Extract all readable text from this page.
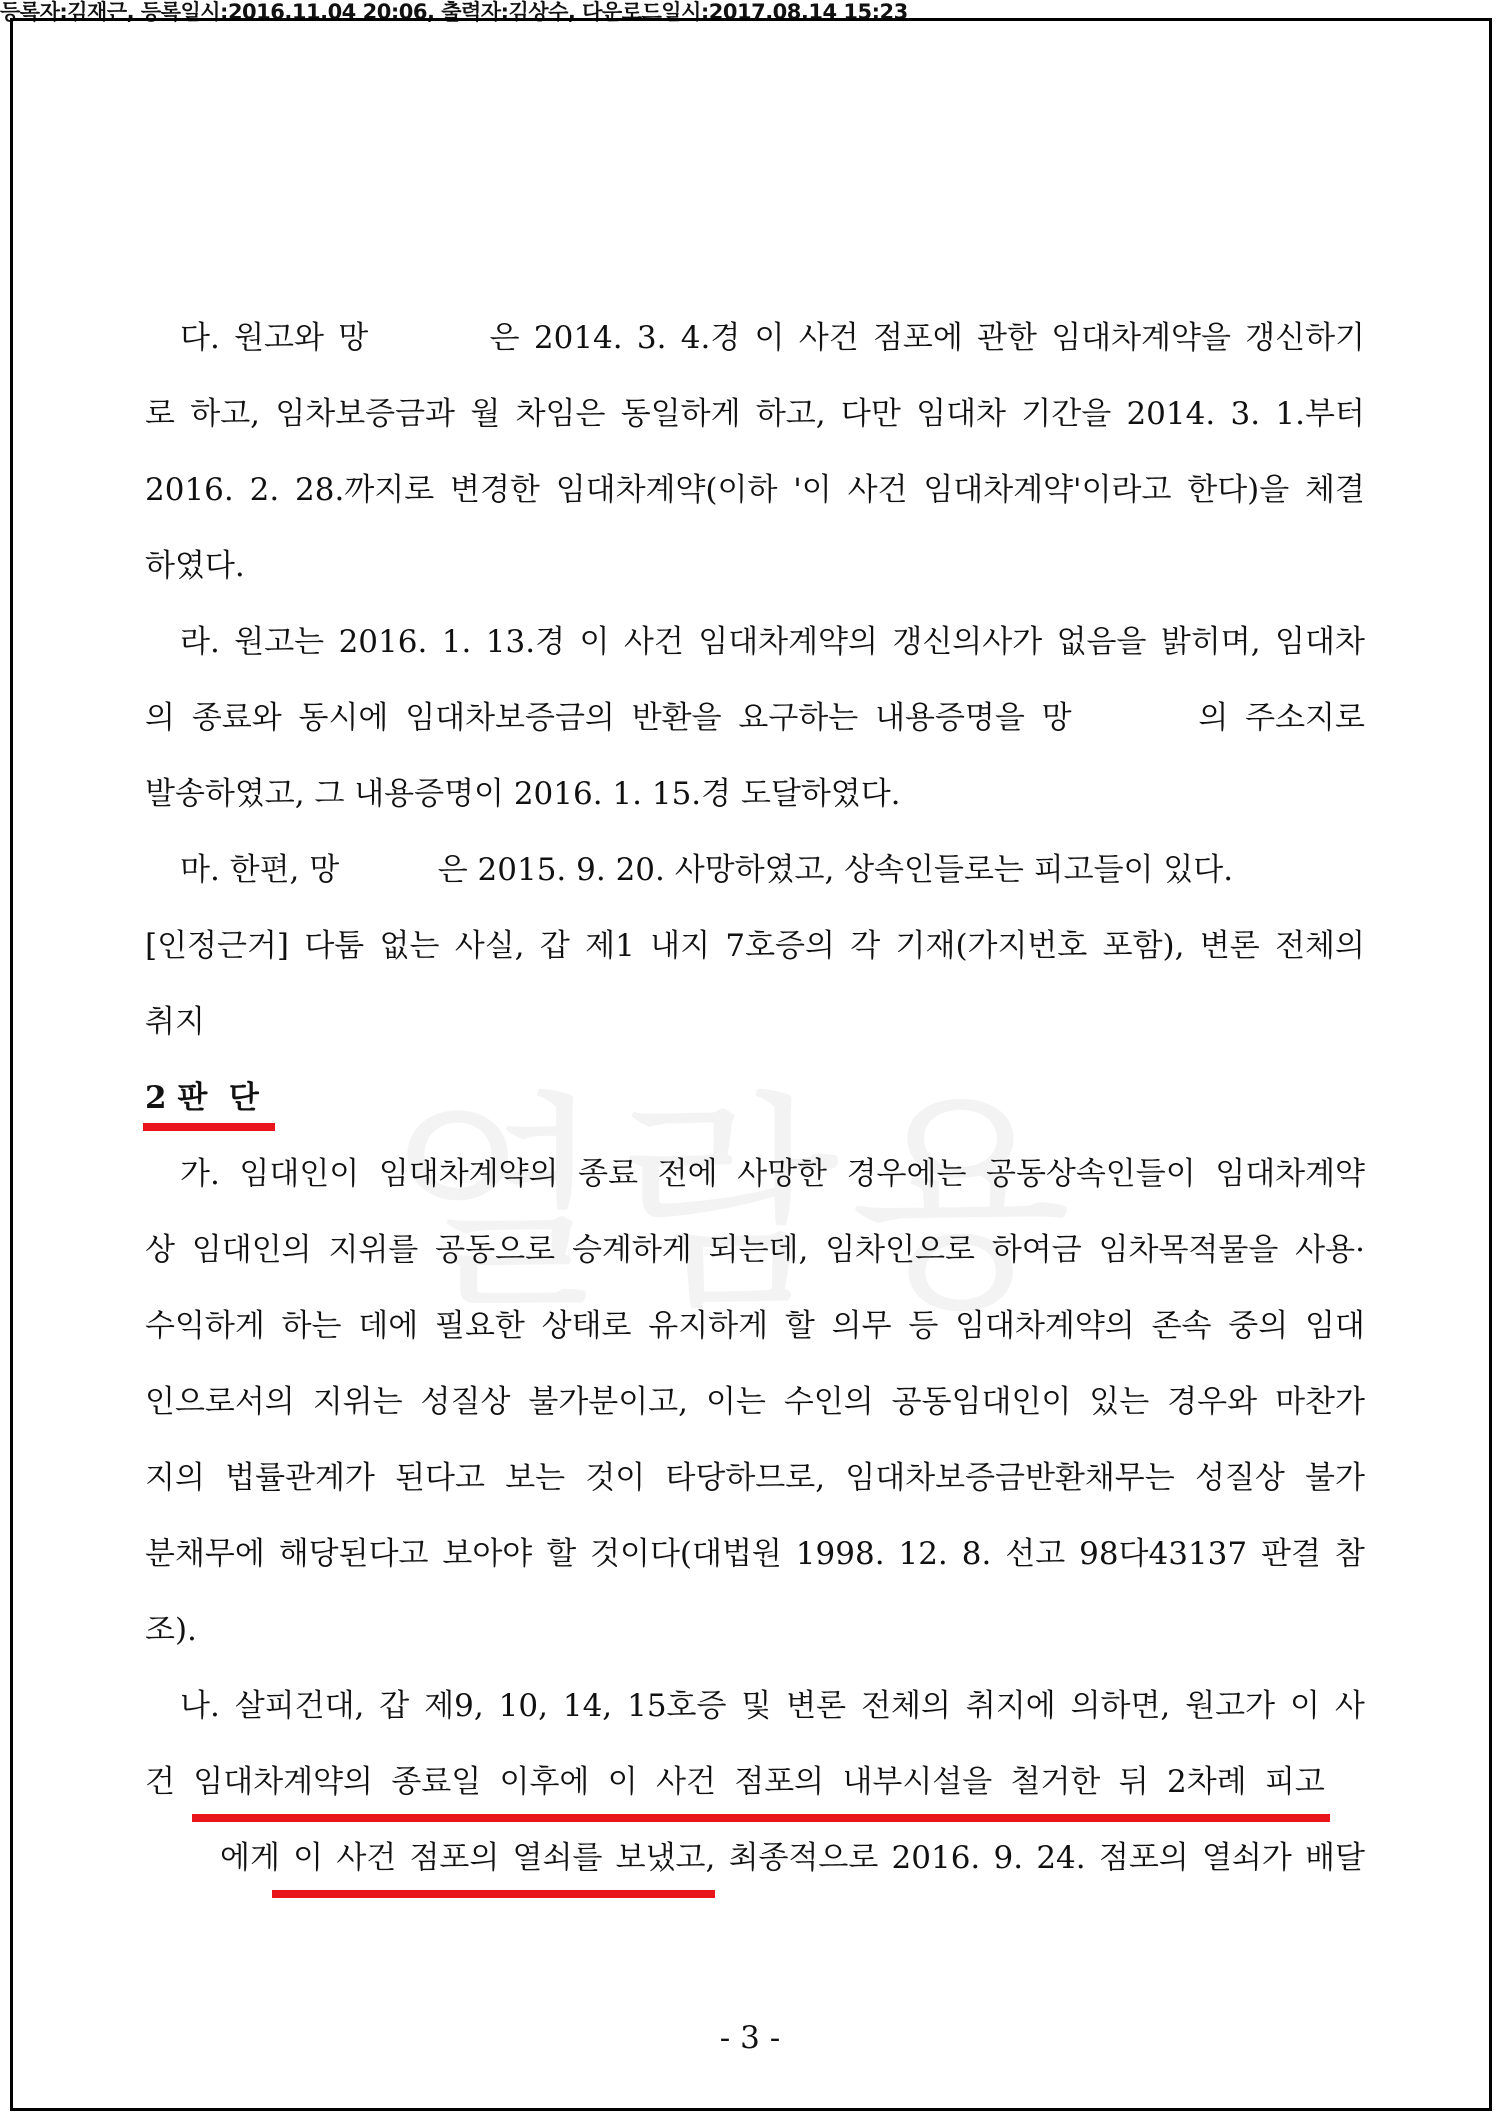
등록자:김재근, 등록일시:2016.11.04 20:06, 출력자:김상수, 다운로드일시:2017.08.14 15:23
다. 원고와 망
　　　	은 2014. 3. 4.경 이 사건 점포에 관한 임대차계약을 갱신하기
로 하고, 임차보증금과 월 차임은 동일하게 하고, 다만 임대차 기간을 2014. 3. 1.부터
2016. 2. 28.까지로 변경한 임대차계약(이하 '이 사건 임대차계약'이라고 한다)을 체결
하였다.
라. 원고는 2016. 1. 13.경 이 사건 임대차계약의 갱신의사가 없음을 밝히며, 임대차
의 종료와 동시에 임대차보증금의 반환을 요구하는 내용증명을 망
　　　	의 주소지로
발송하였고, 그 내용증명이 2016. 1. 15.경 도달하였다.
마. 한편, 망          은 2015. 9. 20. 사망하였고, 상속인들로는 피고들이 있다.
[인정근거] 다툼 없는 사실, 갑 제1 내지 7호증의 각 기재(가지번호 포함), 변론 전체의
취지
2 판  단
가. 임대인이 임대차계약의 종료 전에 사망한 경우에는 공동상속인들이 임대차계약
상 임대인의 지위를 공동으로 승계하게 되는데, 임차인으로 하여금 임차목적물을 사용·
수익하게 하는 데에 필요한 상태로 유지하게 할 의무 등 임대차계약의 존속 중의 임대
인으로서의 지위는 성질상 불가분이고, 이는 수인의 공동임대인이 있는 경우와 마찬가
지의 법률관계가 된다고 보는 것이 타당하므로, 임대차보증금반환채무는 성질상 불가
분채무에 해당된다고 보아야 할 것이다(대법원 1998. 12. 8. 선고 98다43137 판결 참
조).
나. 살피건대, 갑 제9, 10, 14, 15호증 및 변론 전체의 취지에 의하면, 원고가 이 사
건 임대차계약의 종료일 이후에 이 사건 점포의 내부시설을 철거한 뒤 2차례 피고
에게 이 사건 점포의 열쇠를 보냈고, 최종적으로 2016. 9. 24. 점포의 열쇠가 배달
- 3 -
